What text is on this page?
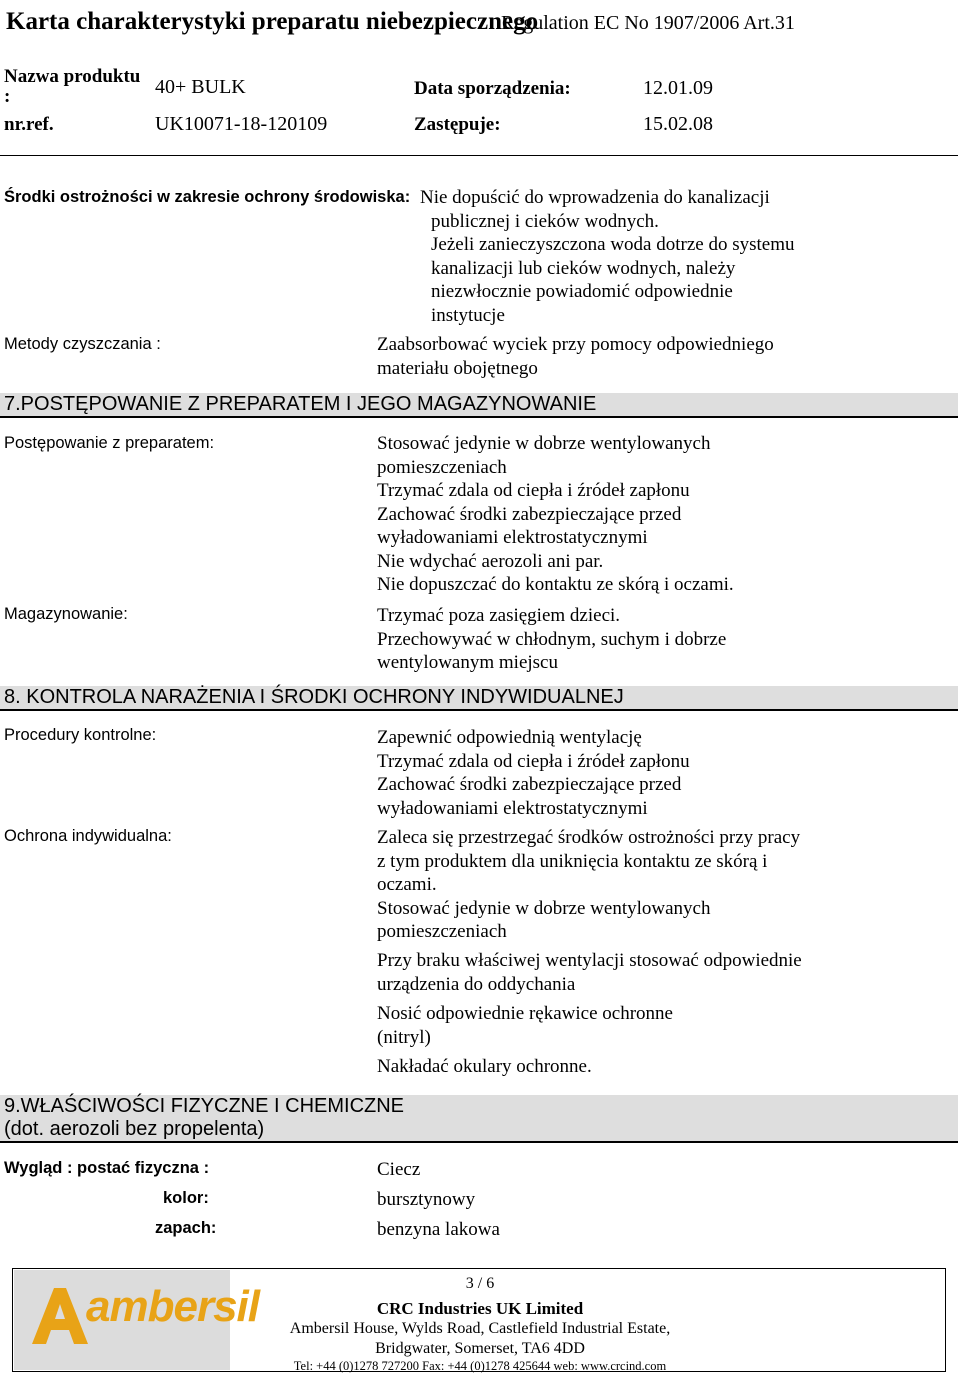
Karta charakterystyki preparatu niebezpiecznego
Regulation EC No 1907/2006 Art.31
Nazwa produktu
:	40+ BULK	Data sporządzenia:	12.01.09
nr.ref.	UK10071-18-120109	Zastępuje:	15.02.08
Środki ostrożności w zakresie ochrony środowiska: Nie dopuścić do wprowadzenia do kanalizacji
publicznej i cieków wodnych.
Jeżeli zanieczyszczona woda dotrze do systemu
kanalizacji lub cieków wodnych, należy
niezwłocznie powiadomić odpowiednie
instytucje
Metody czyszczania :	Zaabsorbować wyciek przy pomocy odpowiedniego
materiału obojętnego
7.POSTĘPOWANIE Z PREPARATEM I JEGO MAGAZYNOWANIE
Postępowanie z preparatem:	Stosować jedynie w dobrze wentylowanych
pomieszczeniach
Trzymać zdala od ciepła i źródeł zapłonu
Zachować środki zabezpieczające przed
wyładowaniami elektrostatycznymi
Nie wdychać aerozoli ani par.
Nie dopuszczać do kontaktu ze skórą i oczami.
Magazynowanie:	Trzymać poza zasięgiem dzieci.
Przechowywać w chłodnym, suchym i dobrze
wentylowanym miejscu
8. KONTROLA NARAŻENIA I ŚRODKI OCHRONY INDYWIDUALNEJ
Procedury kontrolne:	Zapewnić odpowiednią wentylację
Trzymać zdala od ciepła i źródeł zapłonu
Zachować środki zabezpieczające przed
wyładowaniami elektrostatycznymi
Ochrona indywidualna:	Zaleca się przestrzegać środków ostrożności przy pracy
z tym produktem dla uniknięcia kontaktu ze skórą i
oczami.
Stosować jedynie w dobrze wentylowanych
pomieszczeniach
Przy braku właściwej wentylacji stosować odpowiednie
urządzenia do oddychania
Nosić odpowiednie rękawice ochronne
(nitryl)
Nakładać okulary ochronne.
9.WŁAŚCIWOŚCI FIZYCZNE I CHEMICZNE
(dot. aerozoli bez propelenta)
Wygląd : postać fizyczna :	Ciecz
kolor:	bursztynowy
zapach:	benzyna lakowa
ambersil	3 / 6
CRC Industries UK Limited
Ambersil House, Wylds Road, Castlefield Industrial Estate,
Bridgwater, Somerset, TA6 4DD
Tel: +44 (0)1278 727200 Fax: +44 (0)1278 425644 web: www.crcind.com
